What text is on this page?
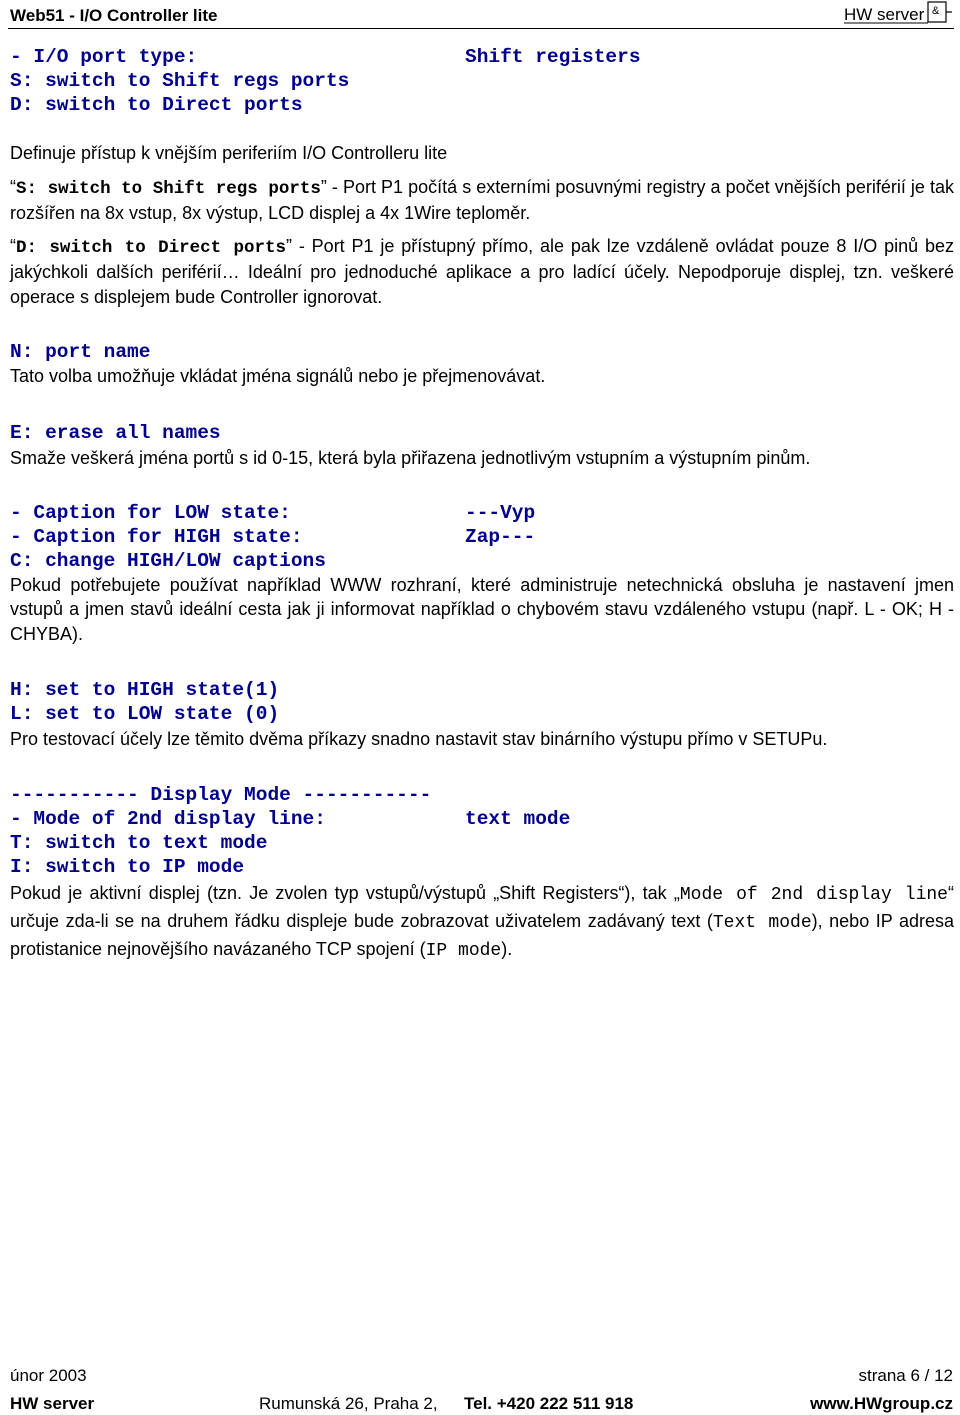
Web51 - I/O Controller lite	HW server &
- I/O port type:	Shift registers
S: switch to Shift regs ports
D: switch to Direct ports
Definuje přístup k vnějším periferiím I/O Controlleru lite
“S: switch to Shift regs ports” - Port P1 počítá s externími posuvnými registry a počet vnějších periférií je tak rozšířen na 8x vstup, 8x výstup, LCD displej a 4x 1Wire teploměr.
“D: switch to Direct ports” - Port P1 je přístupný přímo, ale pak lze vzdáleně ovládat pouze 8 I/O pinů bez jakýchkoli dalších periférií… Ideální pro jednoduché aplikace a pro ladící účely. Nepodporuje displej, tzn. veškeré operace s displejem bude Controller ignorovat.
N: port name
Tato volba umožňuje vkládat jména signálů nebo je přejmenovávat.
E: erase all names
Smaže veškerá jména portů s id 0-15, která byla přiřazena jednotlivým vstupním a výstupním pinům.
- Caption for LOW state:	---Vyp
- Caption for HIGH state:	Zap---
C: change HIGH/LOW captions
Pokud potřebujete používat například WWW rozhraní, které administruje netechnická obsluha je nastavení jmen vstupů a jmen stavů ideální cesta jak ji informovat například o chybovém stavu vzdáleného vstupu (např. L - OK; H - CHYBA).
H: set to HIGH state(1)
L: set to LOW state (0)
Pro testovací účely lze těmito dvěma příkazy snadno nastavit stav binárního výstupu přímo v SETUPu.
----------- Display Mode -----------
- Mode of 2nd display line:	text mode
T: switch to text mode
I: switch to IP mode
Pokud je aktivní displej (tzn. Je zvolen typ vstupů/výstupů „Shift Registers“), tak „Mode of 2nd display line“ určuje zda-li se na druhem řádku displeje bude zobrazovat uživatelem zadávaný text (Text mode), nebo IP adresa protistanice nejnovějšího navázaného TCP spojení (IP mode).
únor 2003	strana 6 / 12
HW server	Rumunská 26, Praha 2, Tel. +420 222 511 918	www.HWgroup.cz
